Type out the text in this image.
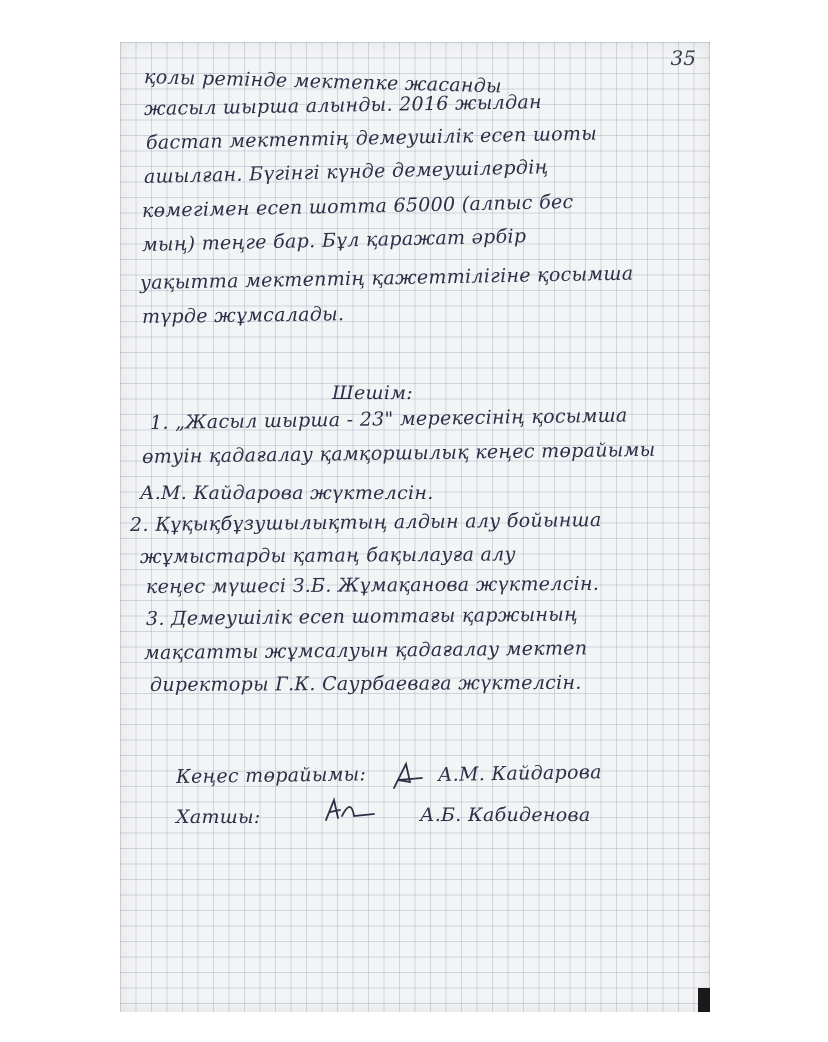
35
қолы ретінде мектепке жасанды
жасыл шырша алынды. 2016 жылдан
бастап мектептің демеушілік есеп шоты
ашылған. Бүгінгі күнде демеушілердің
көмегімен есеп шотта 65000 (алпыс бес
мың) теңге бар. Бұл қаражат әрбір
уақытта мектептің қажеттілігіне қосымша
түрде жұмсалады.
Шешім:
1. „Жасыл шырша - 23" мерекесінің қосымша
өтуін қадағалау қамқоршылық кеңес төрайымы
А.М. Кайдарова жүктелсін.
2. Құқықбұзушылықтың алдын алу бойынша
жұмыстарды қатаң бақылауға алу
кеңес мүшесі З.Б. Жұмақанова жүктелсін.
3. Демеушілік есеп шоттағы қаржының
мақсатты жұмсалуын қадағалау мектеп
директоры Г.К. Саурбаеваға жүктелсін.
Кеңес төрайымы:	А.М. Кайдарова
Хатшы:	А.Б. Кабиденова
